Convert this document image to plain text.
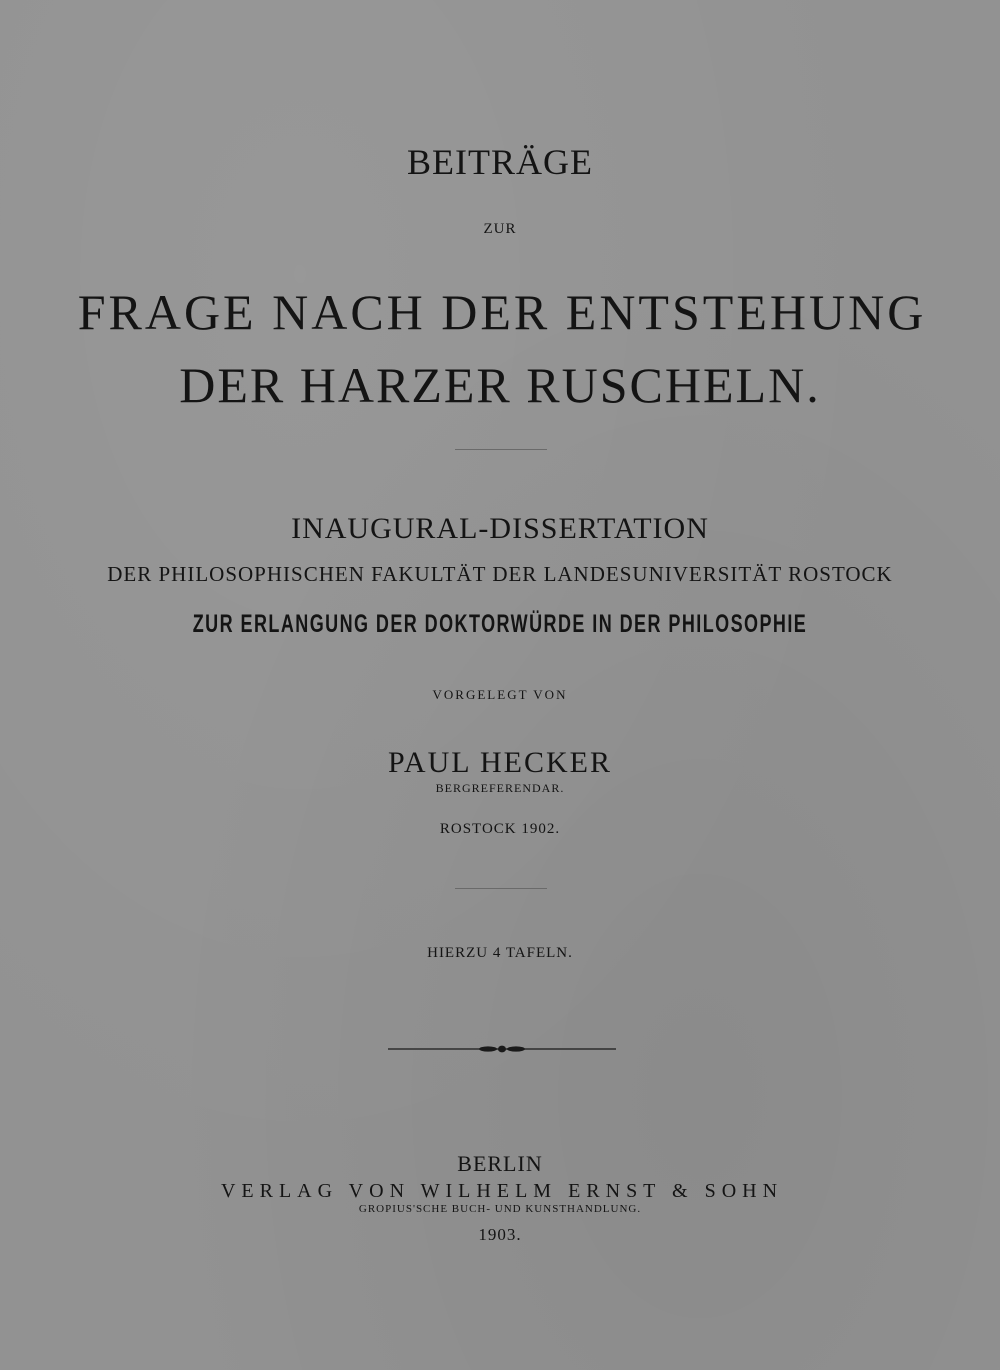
BEITRÄGE
ZUR
FRAGE NACH DER ENTSTEHUNG
DER HARZER RUSCHELN.
INAUGURAL-DISSERTATION
DER PHILOSOPHISCHEN FAKULTÄT DER LANDESUNIVERSITÄT ROSTOCK
ZUR ERLANGUNG DER DOKTORWÜRDE IN DER PHILOSOPHIE
VORGELEGT VON
PAUL HECKER
BERGREFERENDAR.
ROSTOCK 1902.
HIERZU 4 TAFELN.
BERLIN
VERLAG VON WILHELM ERNST & SOHN
GROPIUS'SCHE BUCH- UND KUNSTHANDLUNG.
1903.
